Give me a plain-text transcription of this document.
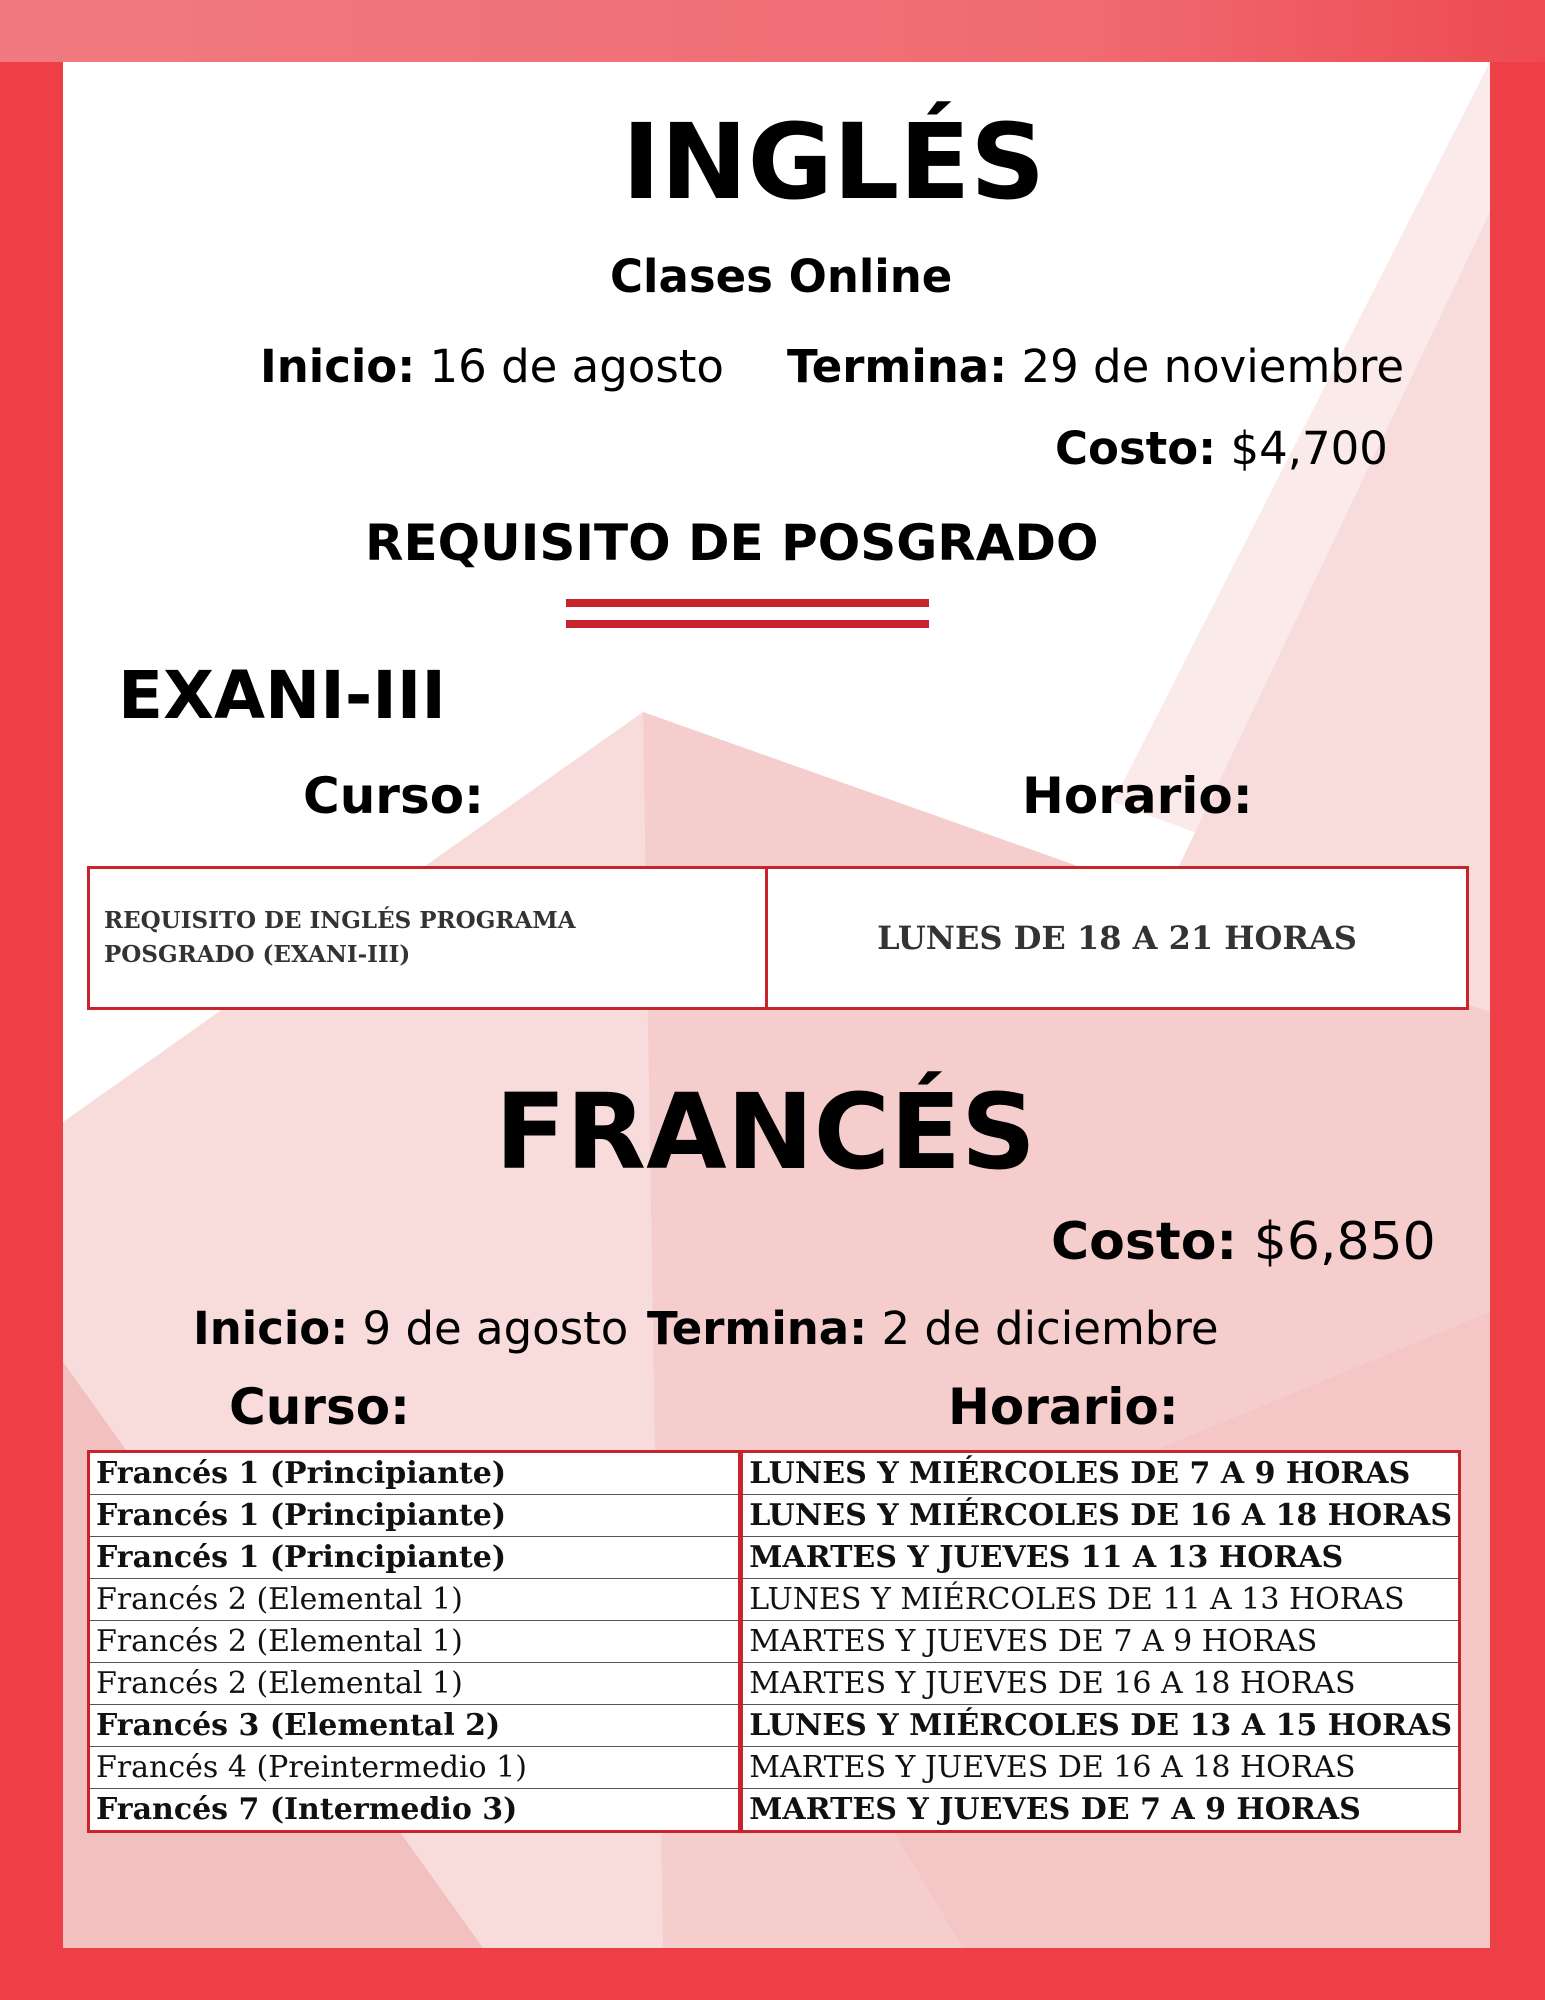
INGLÉS
Clases Online
Inicio: 16 de agosto Termina: 29 de noviembre
Costo: $4,700
REQUISITO DE POSGRADO
EXANI-III
Curso:	Horario:
REQUISITO DE INGLÉS PROGRAMA
POSGRADO (EXANI-III)	LUNES DE 18 A 21 HORAS
FRANCÉS
Costo: $6,850
Inicio: 9 de agosto Termina: 2 de diciembre
Curso:	Horario:
Francés 1 (Principiante)	LUNES Y MIÉRCOLES DE 7 A 9 HORAS
Francés 1 (Principiante)	LUNES Y MIÉRCOLES DE 16 A 18 HORAS
Francés 1 (Principiante)	MARTES Y JUEVES 11 A 13 HORAS
Francés 2 (Elemental 1)	LUNES Y MIÉRCOLES DE 11 A 13 HORAS
Francés 2 (Elemental 1)	MARTES Y JUEVES DE 7 A 9 HORAS
Francés 2 (Elemental 1)	MARTES Y JUEVES DE 16 A 18 HORAS
Francés 3 (Elemental 2)	LUNES Y MIÉRCOLES DE 13 A 15 HORAS
Francés 4 (Preintermedio 1)	MARTES Y JUEVES DE 16 A 18 HORAS
Francés 7 (Intermedio 3)	MARTES Y JUEVES DE 7 A 9 HORAS
